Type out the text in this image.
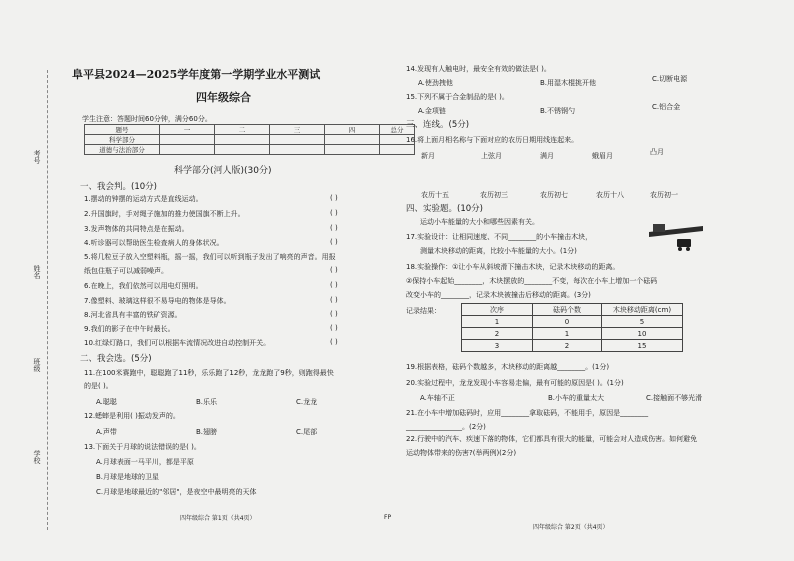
考号
姓名
班级
学校
阜平县2024—2025学年度第一学期学业水平测试
四年级综合
学生注意：答题时间60分钟，满分60分。
题号	一	二	三	四	总分
科学部分					
道德与法治部分					
科学部分(河人版)(30分)
一、我会判。(10分)
1.摆动的钟摆的运动方式是直线运动。
2.升国旗时，手对绳子施加的推力使国旗不断上升。
3.发声物体的共同特点是在振动。
4.听诊器可以帮助医生检查病人的身体状况。
5.将几粒豆子放入空塑料瓶，摇一摇，我们可以听到瓶子发出了响亮的声音。用报
纸包住瓶子可以减弱噪声。
6.在晚上，我们依然可以用电灯照明。
7.像塑料、玻璃这样很不易导电的物体是导体。
8.河北省具有丰富的铁矿资源。
9.我们的影子在中午时最长。
10.红绿灯路口，我们可以根据车流情况改进自动控制开关。
( )
( )
( )
( )
( )
( )
( )
( )
( )
( )
二、我会选。(5分)
11.在100米赛跑中，聪聪跑了11秒，乐乐跑了12秒，龙龙跑了9秒，则跑得最快
的是( )。
A.聪聪	B.乐乐	C.龙龙
12.蟋蟀是利用( )振动发声的。
A.声带	B.翅膀	C.尾部
13.下面关于月球的说法错误的是( )。
A.月球表面一马平川，都是平原
B.月球是地球的卫星
C.月球是地球最近的"邻居"，是夜空中最明亮的天体
四年级综合 第1页（共4页）
14.发现有人触电时，最安全有效的做法是( )。
A.使劲拽他	B.用湿木棍挑开他	C.切断电源
15.下列不属于合金制品的是( )。
A.金项链	B.不锈钢勺	C.铝合金
三、连线。(5分)
16.将上面月相名称与下面对应的农历日期用线连起来。
新月	上弦月	满月	蛾眉月	凸月
农历十五	农历初三	农历初七	农历十八	农历初一
四、实验题。(10分)
运动小车能量的大小和哪些因素有关。
17.实验设计：让相同速度、不同________的小车撞击木块，
测量木块移动的距离，比较小车能量的大小。(1分)
18.实验操作：①让小车从斜坡滑下撞击木块，记录木块移动的距离。
②保持小车起始________，木块摆放的________不变，每次在小车上增加一个砝码
改变小车的________，记录木块被撞击后移动的距离。(3分)
记录结果：	次序	砝码个数	木块移动距离(cm)
1	0	5
2	1	10
3	2	15
19.根据表格，砝码个数越多，木块移动的距离越________。(1分)
20.实验过程中，龙龙发现小车容易走偏，最有可能的原因是( )。(1分)
A.车轴不正	B.小车的重量太大	C.接触面不够光滑
21.在小车中增加砝码时，应用________拿取砝码，不能用手，原因是________
________________。(2分)
22.行驶中的汽车、疾速下落的物体，它们都具有很大的能量，可能会对人造成伤害。如何避免
运动物体带来的伤害?(举两例)(2分)
四年级综合 第2页（共4页）
FP
